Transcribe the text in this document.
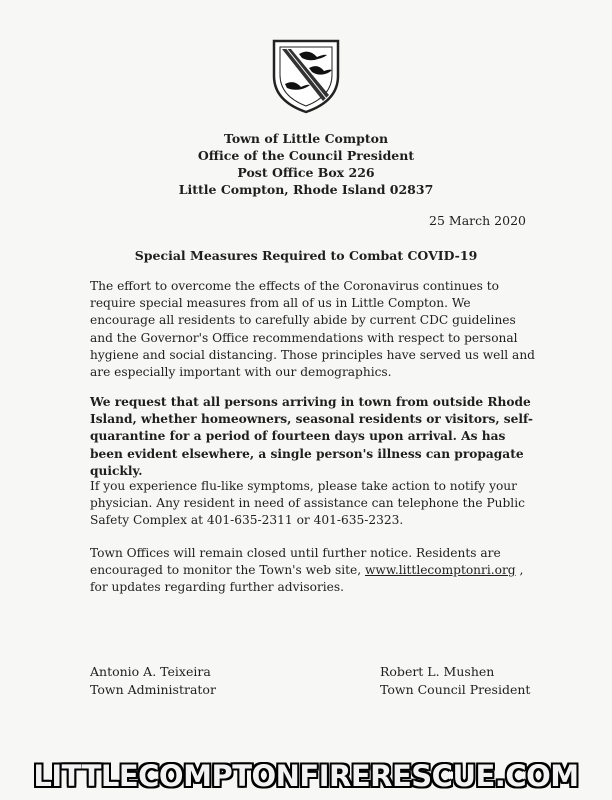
Town of Little Compton
Office of the Council President
Post Office Box 226
Little Compton, Rhode Island 02837
25 March 2020
Special Measures Required to Combat COVID-19

The effort to overcome the effects of the Coronavirus continues to require special measures from all of us in Little Compton. We encourage all residents to carefully abide by current CDC guidelines and the Governor's Office recommendations with respect to personal hygiene and social distancing. Those principles have served us well and are especially important with our demographics.

We request that all persons arriving in town from outside Rhode Island, whether homeowners, seasonal residents or visitors, self-quarantine for a period of fourteen days upon arrival. As has been evident elsewhere, a single person's illness can propagate quickly.

If you experience flu-like symptoms, please take action to notify your physician. Any resident in need of assistance can telephone the Public Safety Complex at 401-635-2311 or 401-635-2323.

Town Offices will remain closed until further notice. Residents are encouraged to monitor the Town's web site, www.littlecomptonri.org , for updates regarding further advisories.

Antonio A. Teixeira
Town Administrator
Robert L. Mushen
Town Council President
LITTLECOMPTONFIRERESCUE.COM
